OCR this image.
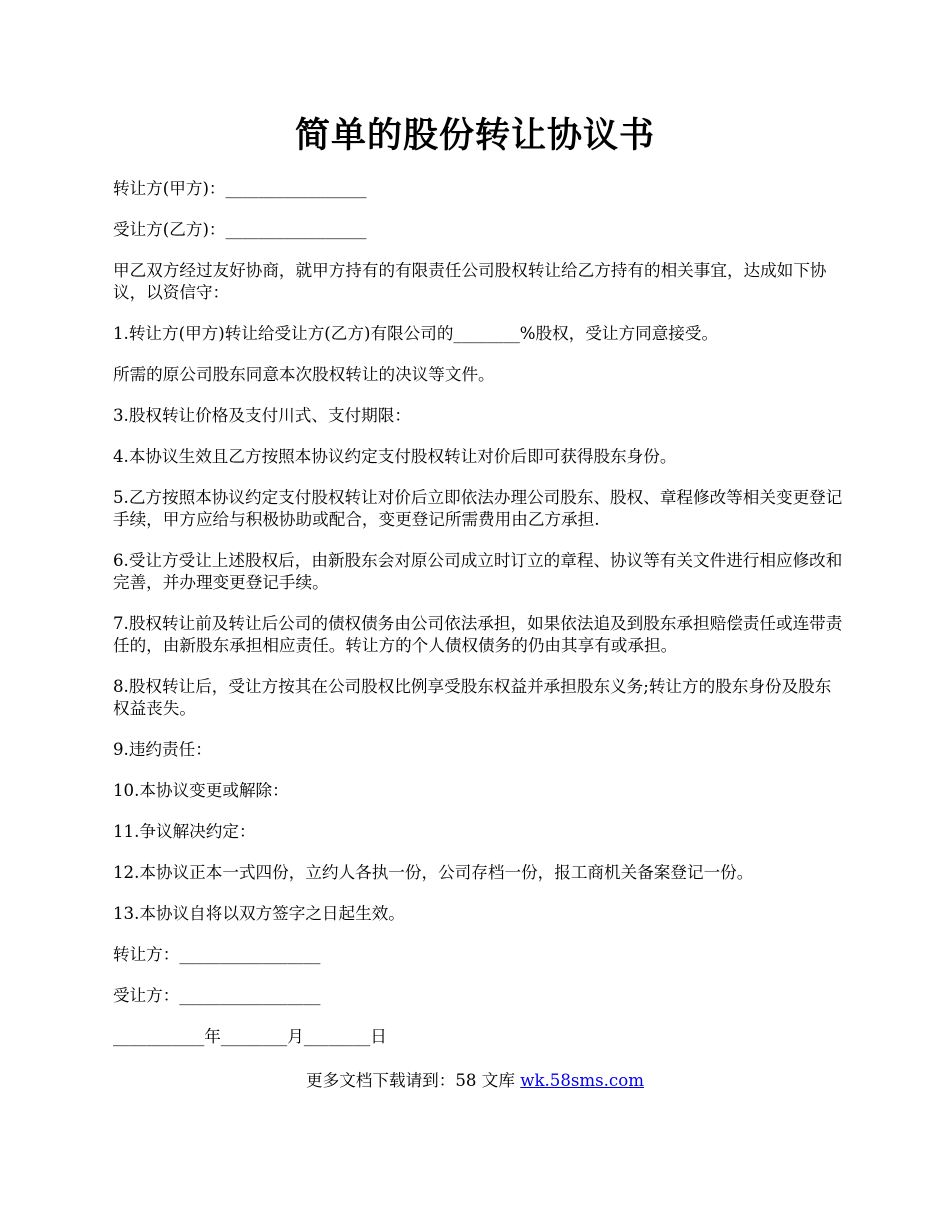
简单的股份转让协议书

转让方(甲方)：_________________

受让方(乙方)：_________________

甲乙双方经过友好协商，就甲方持有的有限责任公司股权转让给乙方持有的相关事宜，达成如下协议，以资信守：

1.转让方(甲方)转让给受让方(乙方)有限公司的________%股权，受让方同意接受。

所需的原公司股东同意本次股权转让的决议等文件。

3.股权转让价格及支付川式、支付期限：

4.本协议生效且乙方按照本协议约定支付股权转让对价后即可获得股东身份。

5.乙方按照本协议约定支付股权转让对价后立即依法办理公司股东、股权、章程修改等相关变更登记手续，甲方应给与积极协助或配合，变更登记所需费用由乙方承担.

6.受让方受让上述股权后，由新股东会对原公司成立时订立的章程、协议等有关文件进行相应修改和完善，并办理变更登记手续。

7.股权转让前及转让后公司的债权债务由公司依法承担，如果依法追及到股东承担赔偿责任或连带责任的，由新股东承担相应责任。转让方的个人债权债务的仍由其享有或承担。

8.股权转让后，受让方按其在公司股权比例享受股东权益并承担股东义务;转让方的股东身份及股东权益丧失。

9.违约责任：

10.本协议变更或解除：

11.争议解决约定：

12.本协议正本一式四份，立约人各执一份，公司存档一份，报工商机关备案登记一份。

13.本协议自将以双方签字之日起生效。

转让方：_________________

受让方：_________________

___________年________月________日

更多文档下载请到：58 文库 wk.58sms.com
